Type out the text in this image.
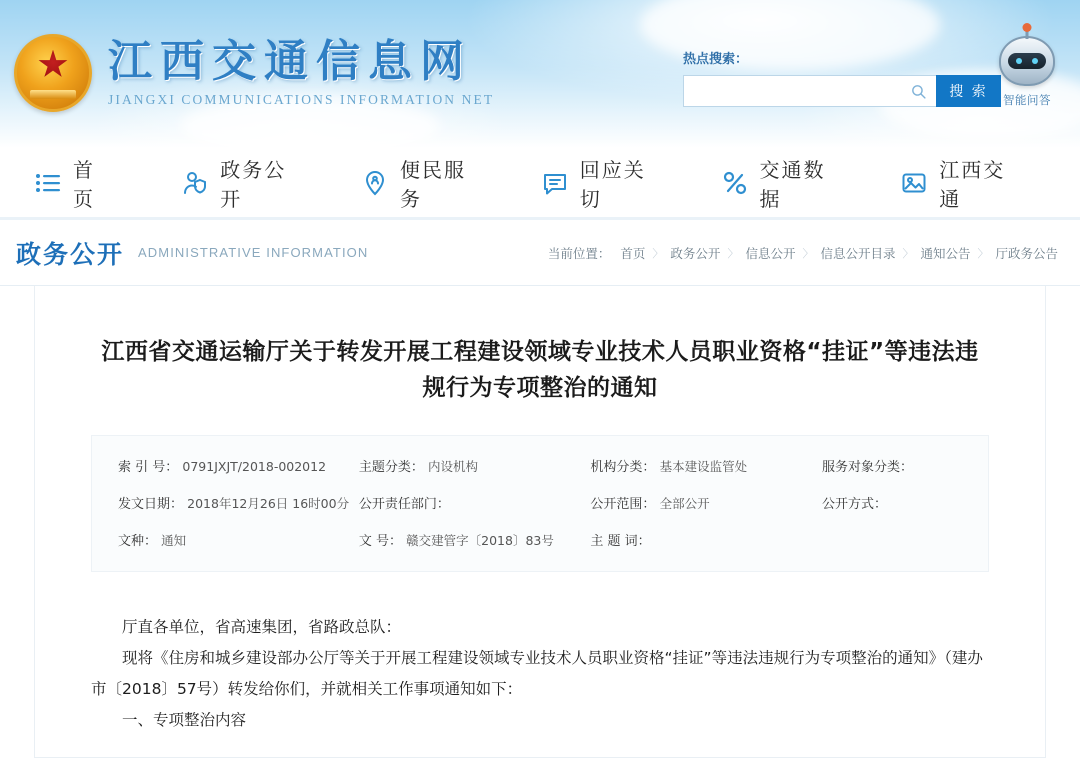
江西交通信息网
JIANGXI COMMUNICATIONS INFORMATION NET
热点搜索：
搜 索	智能问答
首 页
政务公开
便民服务
回应关切
交通数据
江西交通
政务公开 ADMINISTRATIVE INFORMATION	当前位置： 首页 〉 政务公开 〉 信息公开 〉 信息公开目录 〉 通知公告 〉 厅政务公告
江西省交通运输厅关于转发开展工程建设领域专业技术人员职业资格“挂证”等违法违规行为专项整治的通知
索 引 号： 0791JXJT/2018-002012	主题分类： 内设机构	机构分类： 基本建设监管处	服务对象分类：
发文日期： 2018年12月26日 16时00分 公开责任部门：	公开范围： 全部公开	公开方式：
文种： 通知	文 号： 赣交建管字〔2018〕83号	主 题 词：

厅直各单位，省高速集团，省路政总队：

现将《住房和城乡建设部办公厅等关于开展工程建设领域专业技术人员职业资格“挂证”等违法违规行为专项整治的通知》（建办市〔2018〕57号）转发给你们，并就相关工作事项通知如下：

一、专项整治内容
